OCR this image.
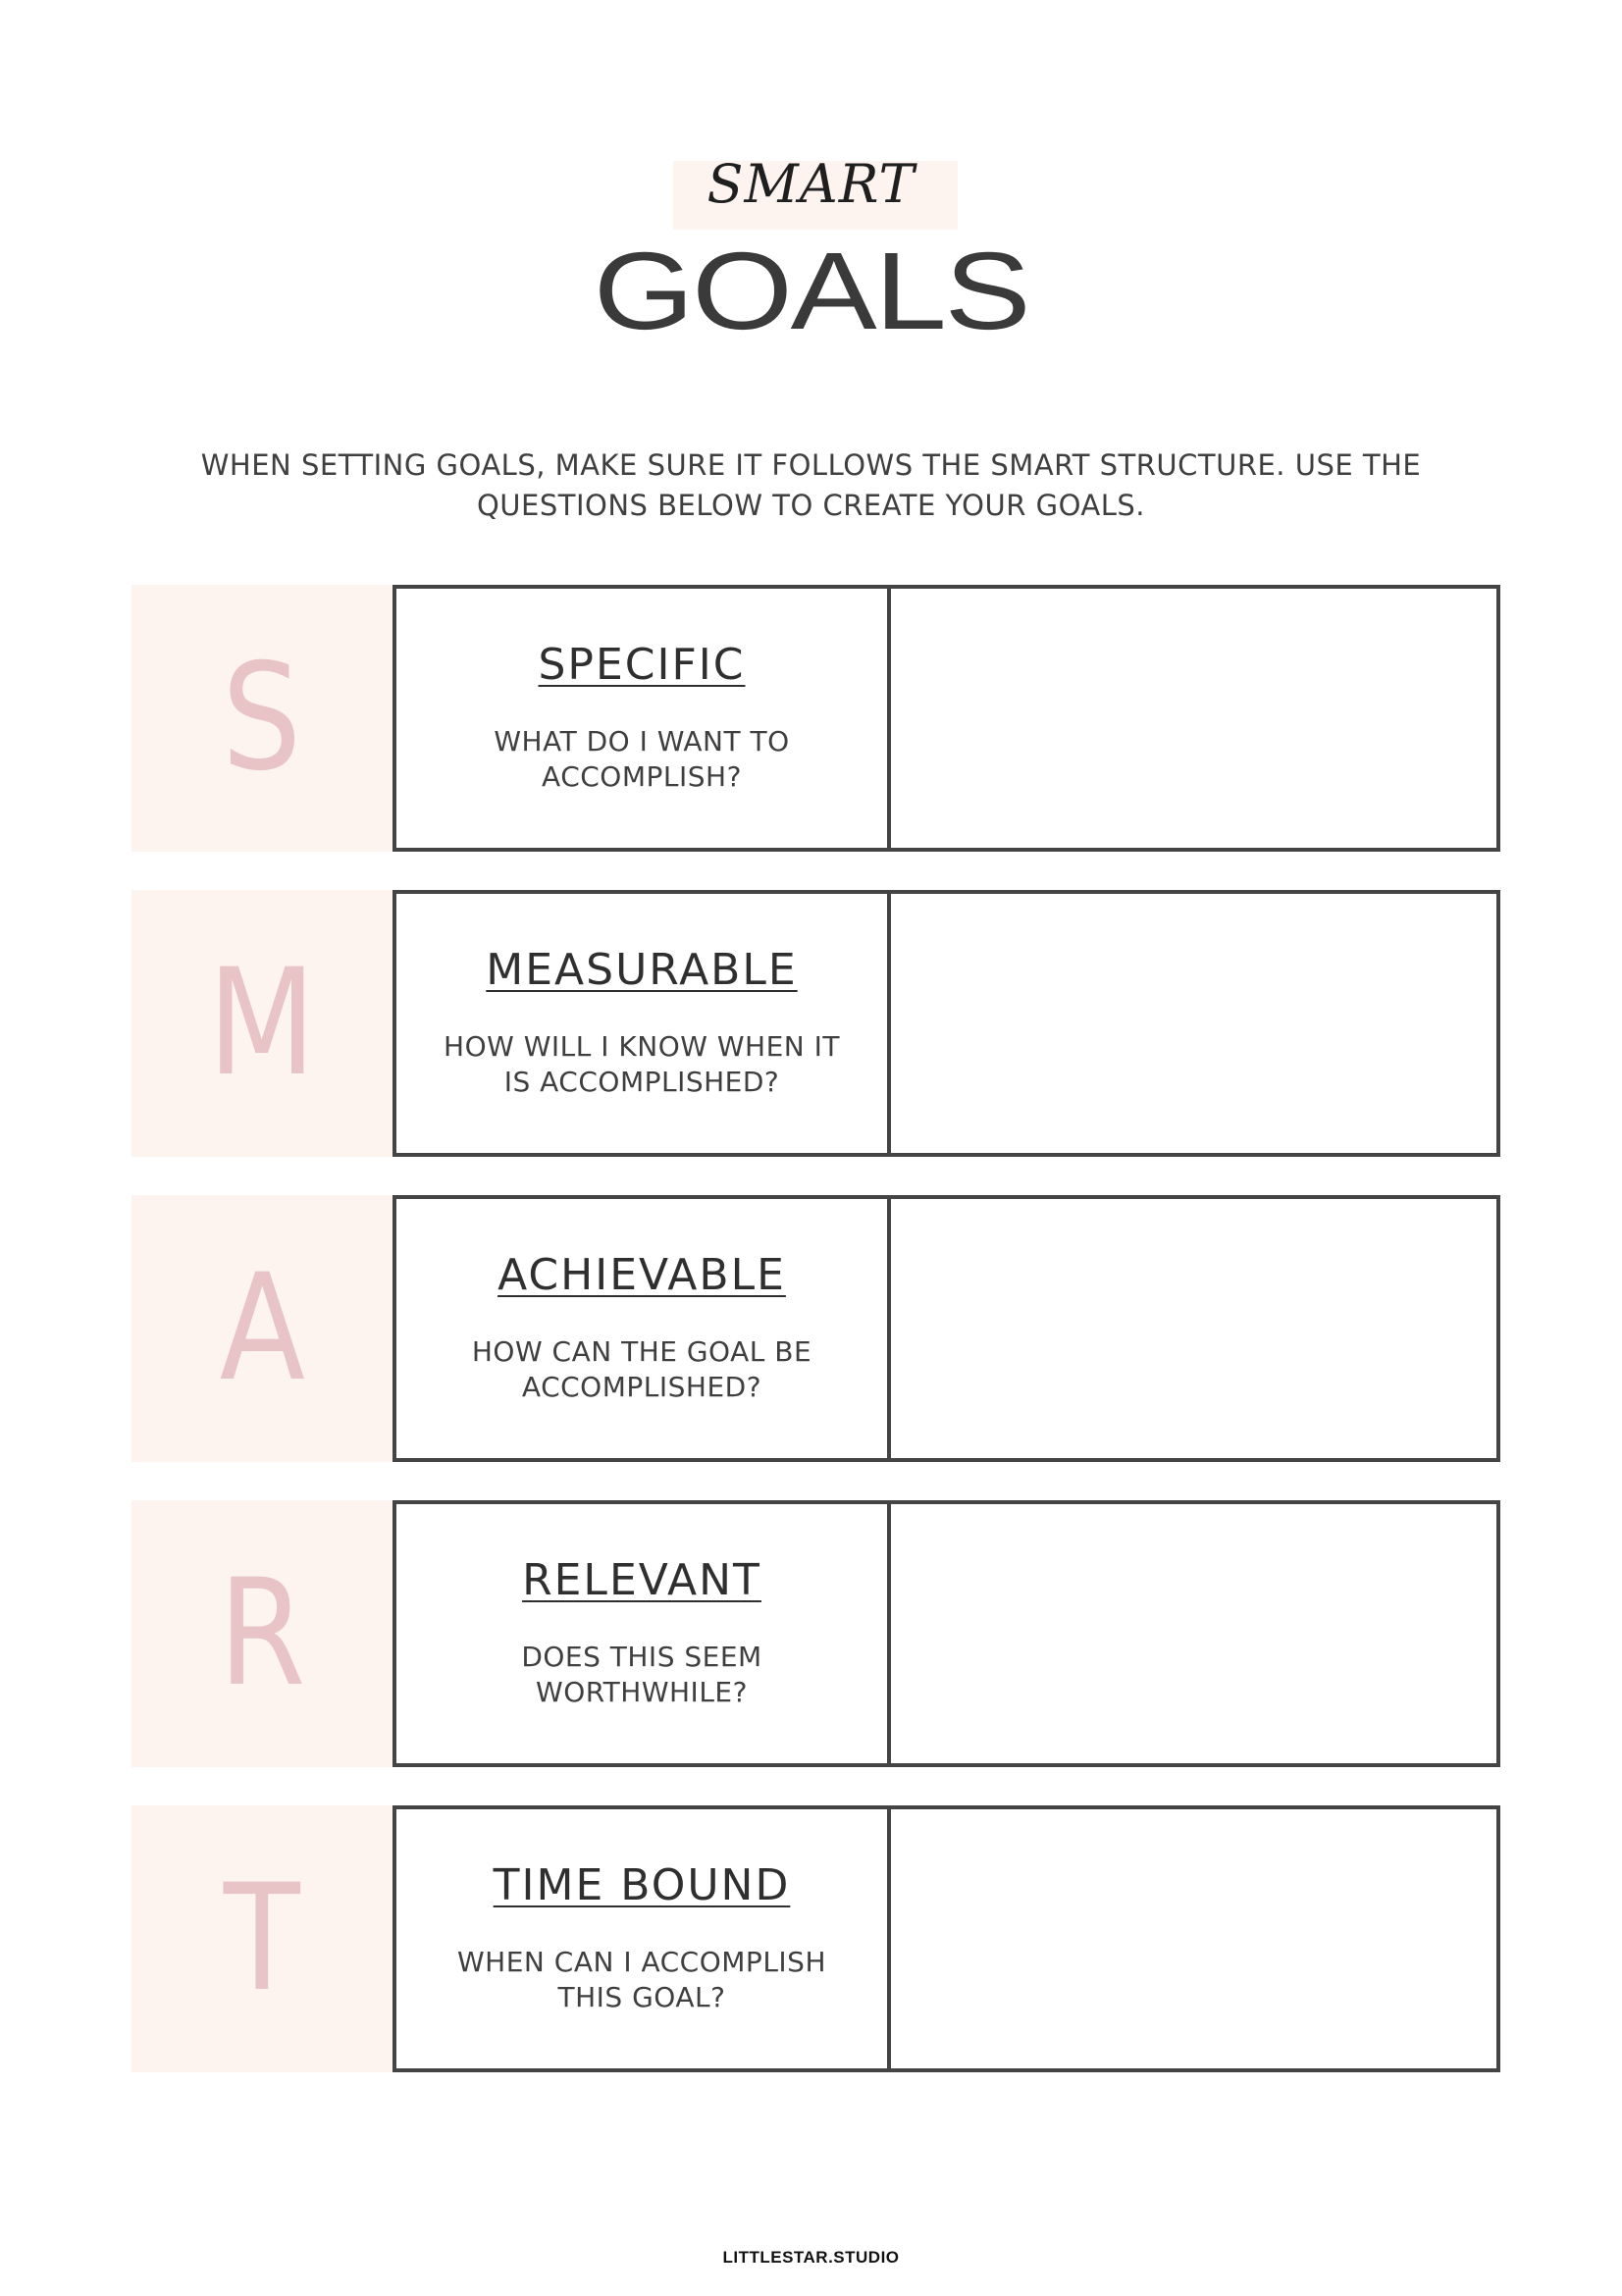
SMART
GOALS
WHEN SETTING GOALS, MAKE SURE IT FOLLOWS THE SMART STRUCTURE. USE THE
QUESTIONS BELOW TO CREATE YOUR GOALS.
S	SPECIFIC
WHAT DO I WANT TO
ACCOMPLISH?
M	MEASURABLE
HOW WILL I KNOW WHEN IT
IS ACCOMPLISHED?
A	ACHIEVABLE
HOW CAN THE GOAL BE
ACCOMPLISHED?
R	RELEVANT
DOES THIS SEEM
WORTHWHILE?
T	TIME BOUND
WHEN CAN I ACCOMPLISH
THIS GOAL?
LITTLESTAR.STUDIO
